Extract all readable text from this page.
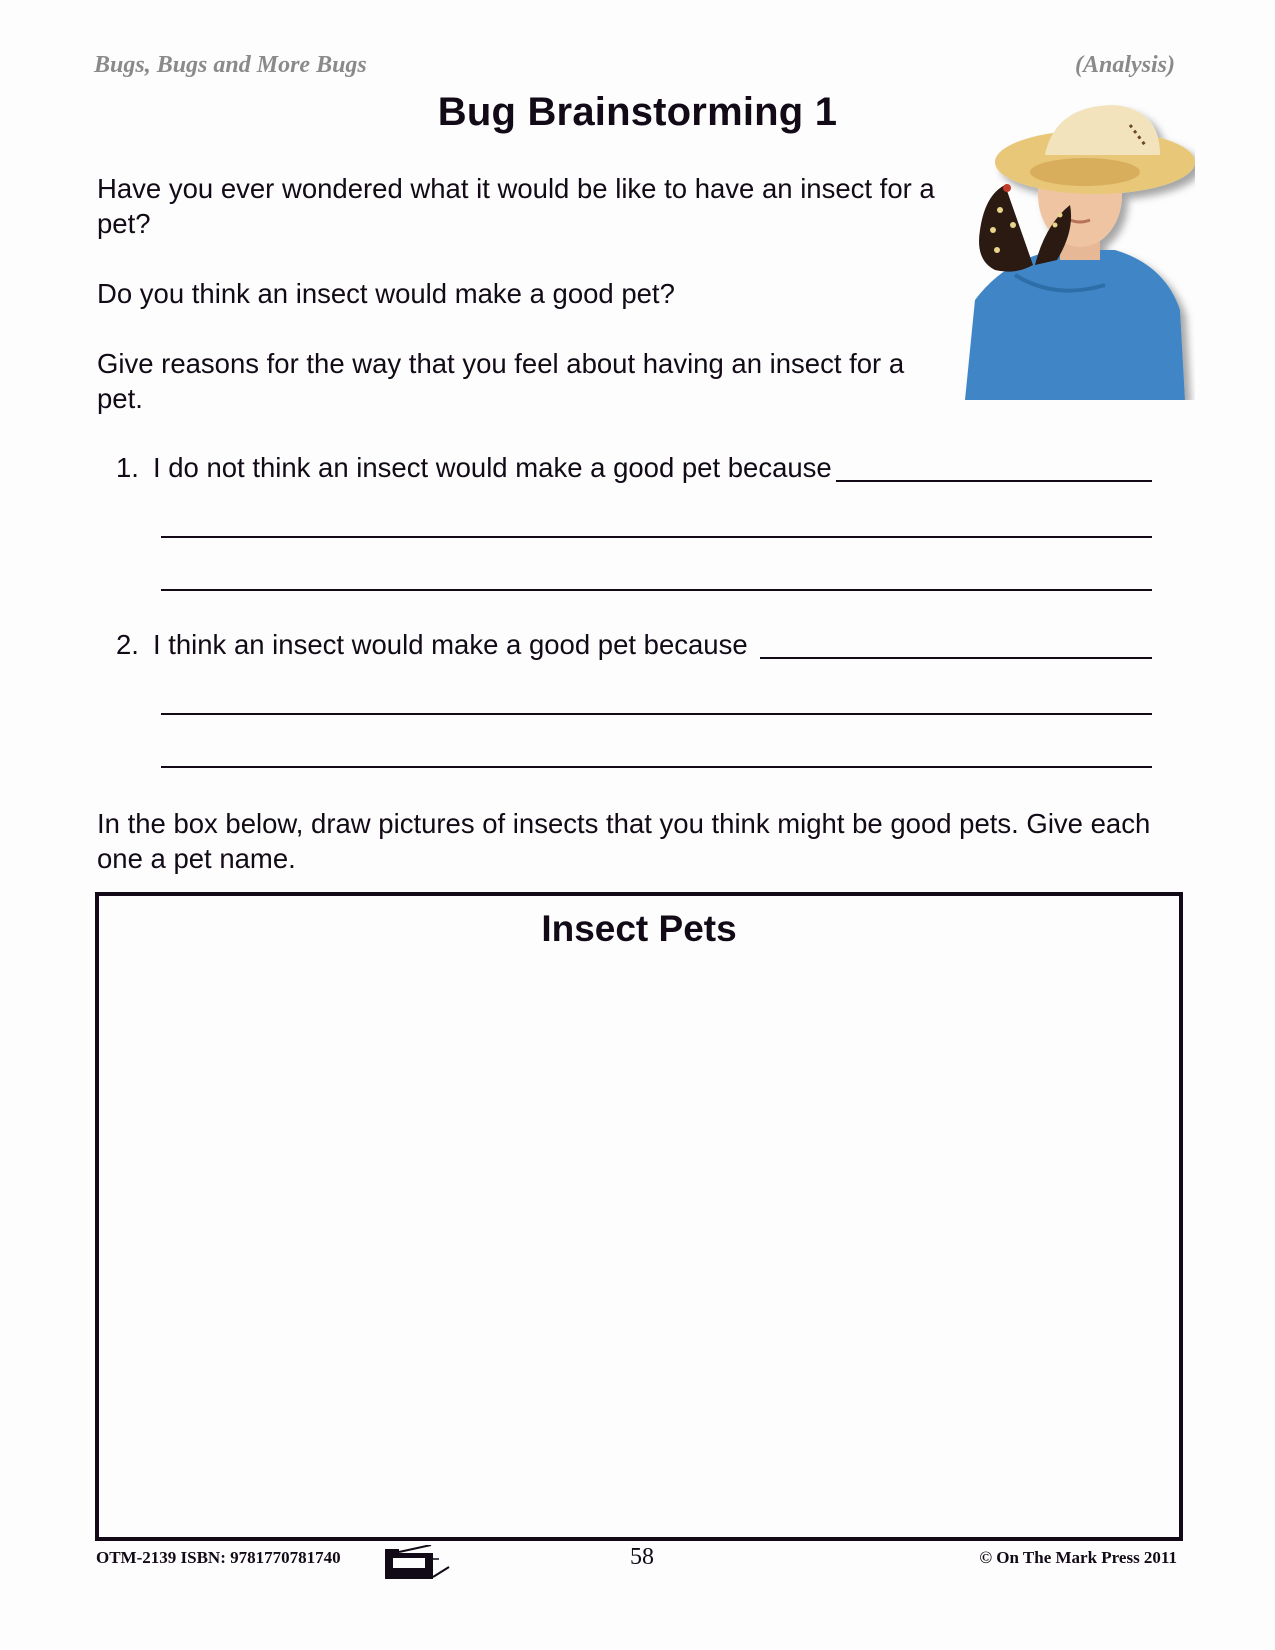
Bugs, Bugs and More Bugs	(Analysis)
Bug Brainstorming 1
Have you ever wondered what it would be like to have an insect for a pet?
Do you think an insect would make a good pet?
Give reasons for the way that you feel about having an insect for a pet.
1. I do not think an insect would make a good pet because
2. I think an insect would make a good pet because
In the box below, draw pictures of insects that you think might be good pets. Give each one a pet name.
Insect Pets
OTM-2139 ISBN: 9781770781740	58	© On The Mark Press 2011
